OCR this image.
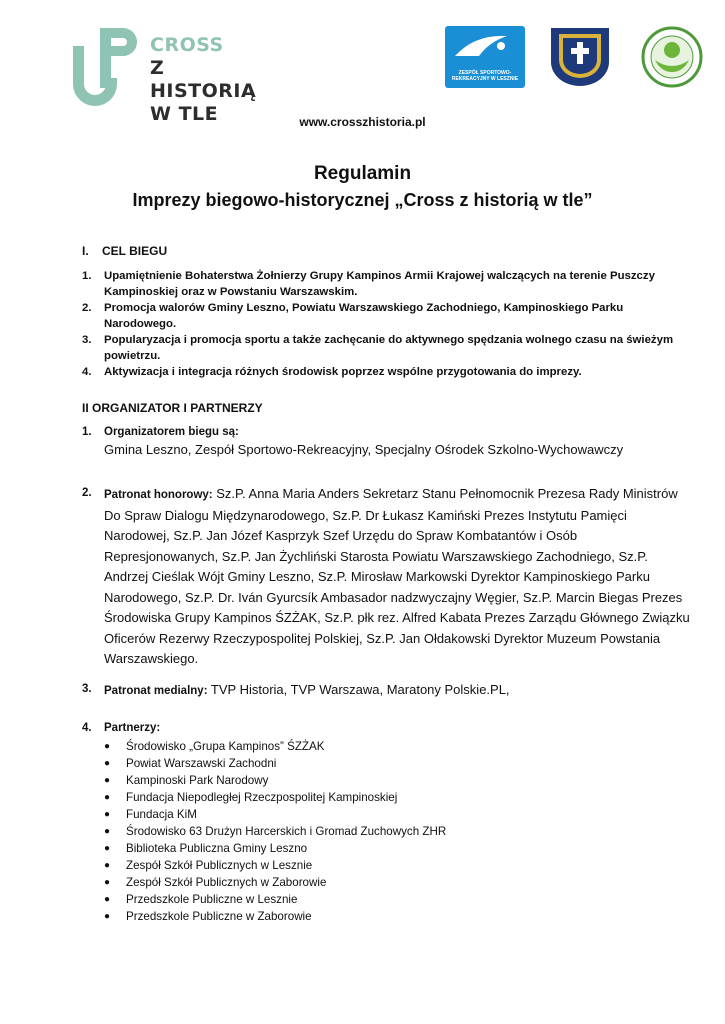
CROSS
Z HISTORIĄ
W TLE
ZESPÓŁ SPORTOWO-REKREACYJNY W LESZNIE
www.crosszhistoria.pl
Regulamin
Imprezy biegowo-historycznej „Cross z historią w tle”
I.    CEL BIEGU
1. Upamiętnienie Bohaterstwa Żołnierzy Grupy Kampinos Armii Krajowej walczących na terenie Puszczy Kampinoskiej oraz w Powstaniu Warszawskim.
2. Promocja walorów Gminy Leszno, Powiatu Warszawskiego Zachodniego, Kampinoskiego Parku Narodowego.
3. Popularyzacja i promocja sportu a także zachęcanie do aktywnego spędzania wolnego czasu na świeżym powietrzu.
4. Aktywizacja i integracja różnych środowisk poprzez wspólne przygotowania do imprezy.
II ORGANIZATOR I PARTNERZY
1. Organizatorem biegu są:
Gmina Leszno, Zespół Sportowo-Rekreacyjny, Specjalny Ośrodek Szkolno-Wychowawczy
2. Patronat honorowy: Sz.P. Anna Maria Anders Sekretarz Stanu Pełnomocnik Prezesa Rady Ministrów Do Spraw Dialogu Międzynarodowego, Sz.P. Dr Łukasz Kamiński Prezes Instytutu Pamięci Narodowej, Sz.P. Jan Józef Kasprzyk Szef Urzędu do Spraw Kombatantów i Osób Represjonowanych, Sz.P. Jan Żychliński Starosta Powiatu Warszawskiego Zachodniego, Sz.P. Andrzej Cieślak Wójt Gminy Leszno, Sz.P. Mirosław Markowski Dyrektor Kampinoskiego Parku Narodowego, Sz.P. Dr. Iván Gyurcsík Ambasador nadzwyczajny Węgier, Sz.P. Marcin Biegas Prezes Środowiska Grupy Kampinos ŚZŻAK, Sz.P. płk rez. Alfred Kabata Prezes Zarządu Głównego Związku Oficerów Rezerwy Rzeczypospolitej Polskiej, Sz.P. Jan Ołdakowski Dyrektor Muzeum Powstania Warszawskiego.
3. Patronat medialny: TVP Historia, TVP Warszawa, Maratony Polskie.PL,
4. Partnerzy:
● Środowisko „Grupa Kampinos” ŚZŻAK
● Powiat Warszawski Zachodni
● Kampinoski Park Narodowy
● Fundacja Niepodległej Rzeczpospolitej Kampinoskiej
● Fundacja KiM
● Środowisko 63 Drużyn Harcerskich i Gromad Zuchowych ZHR
● Biblioteka Publiczna Gminy Leszno
● Zespół Szkół Publicznych w Lesznie
● Zespół Szkół Publicznych w Zaborowie
● Przedszkole Publiczne w Lesznie
● Przedszkole Publiczne w Zaborowie
